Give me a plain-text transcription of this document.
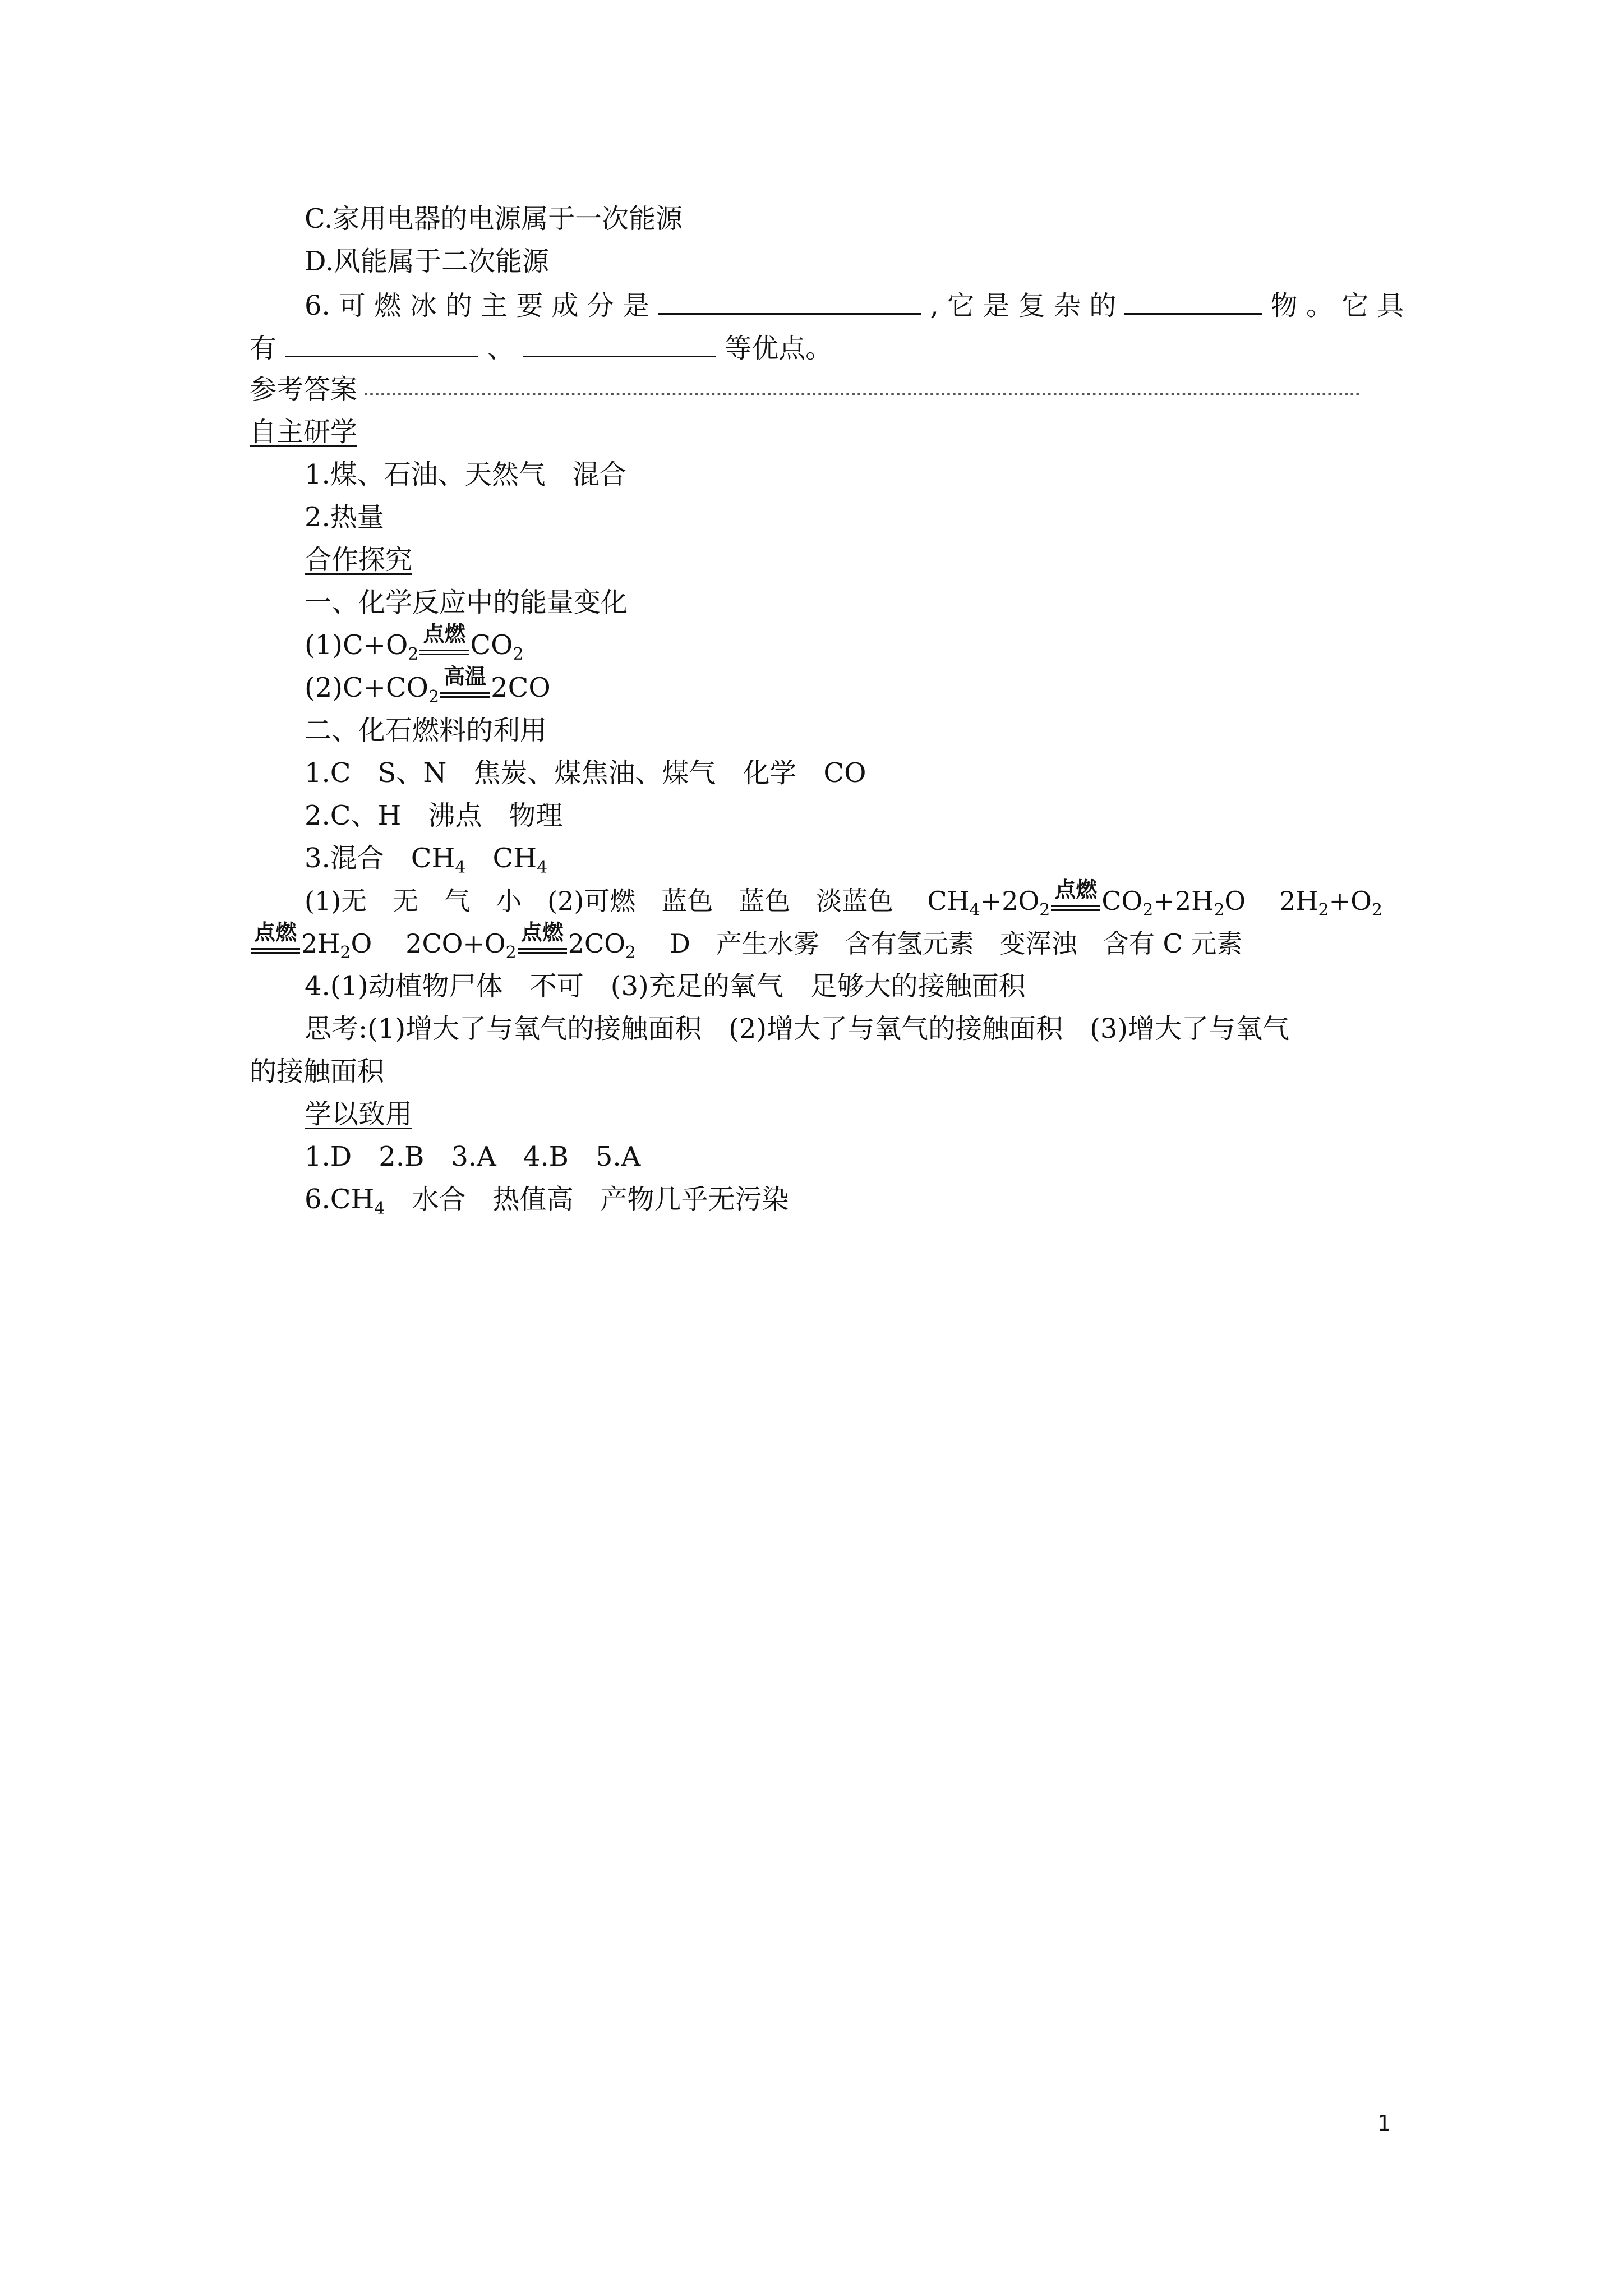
C.家用电器的电源属于一次能源
D.风能属于二次能源
6. 可 燃 冰 的 主 要 成 分 是	, 它 是 复 杂 的	物 。 它 具
有	、	等优点。
参考答案
自主研学
1.煤、石油、天然气　混合
2.热量
合作探究
一、化学反应中的能量变化
$(1)C+O_2$
点燃 $CO_2$
$(2)C+CO_2$
高温 2CO
二、化石燃料的利用
1.C　S、N　焦炭、煤焦油、煤气　化学　CO
2.C、H　沸点　物理
3.混合　$CH_4$　$CH_4$
(1)无　无　气　小　(2)可燃　蓝色　蓝色　淡蓝色 $CH_4+2O_2$
点燃 $CO_2+2H_2O$ $2H_2+O_2$
点燃 $2H_2O$ $2CO+O_2$
点燃 $2CO_2$ D　产生水雾　含有氢元素　变浑浊　含有 C 元素
4.(1)动植物尸体　不可　(3)充足的氧气　足够大的接触面积
思考:(1)增大了与氧气的接触面积　(2)增大了与氧气的接触面积　(3)增大了与氧气
的接触面积
学以致用
1.D　2.B　3.A　4.B　5.A
$6.CH_4$　水合　热值高　产物几乎无污染
1
